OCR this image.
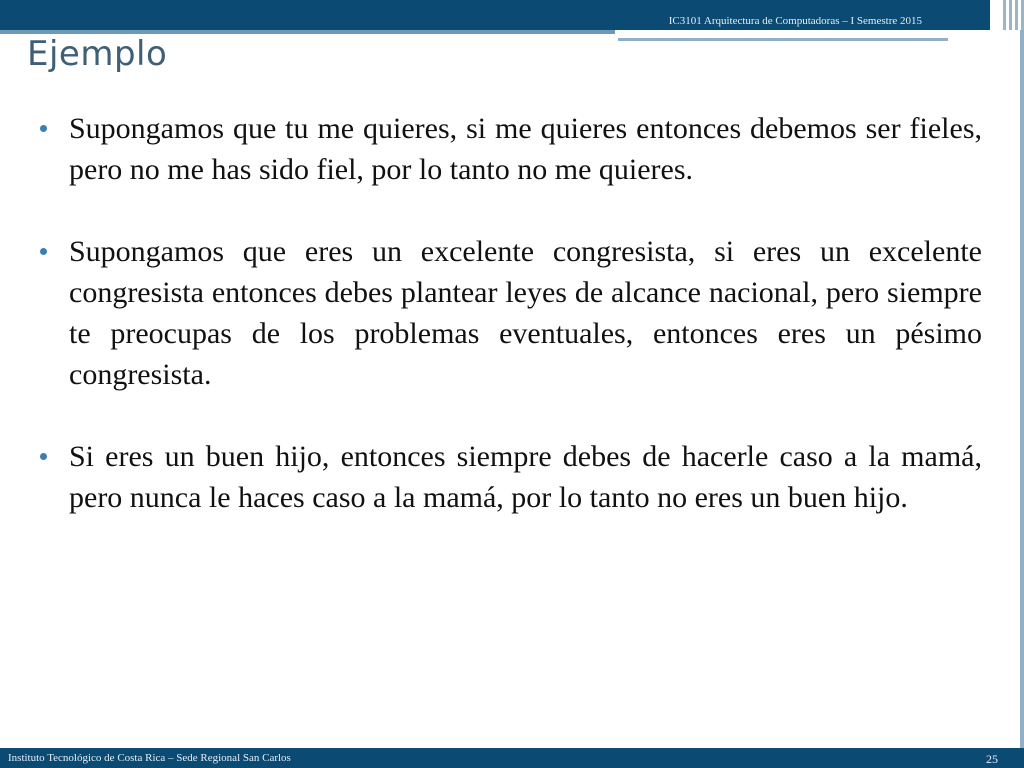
IC3101 Arquitectura de Computadoras – I Semestre 2015
Ejemplo
Supongamos que tu me quieres, si me quieres entonces debemos ser fieles, pero no me has sido fiel, por lo tanto no me quieres.
Supongamos que eres un excelente congresista, si eres un excelente congresista entonces debes plantear leyes de alcance nacional, pero siempre te preocupas de los problemas eventuales, entonces eres un pésimo congresista.
Si eres un buen hijo, entonces siempre debes de hacerle caso a la mamá, pero nunca le haces caso a la mamá, por lo tanto no eres un buen hijo.
Instituto Tecnológico de Costa Rica – Sede Regional San Carlos	25
